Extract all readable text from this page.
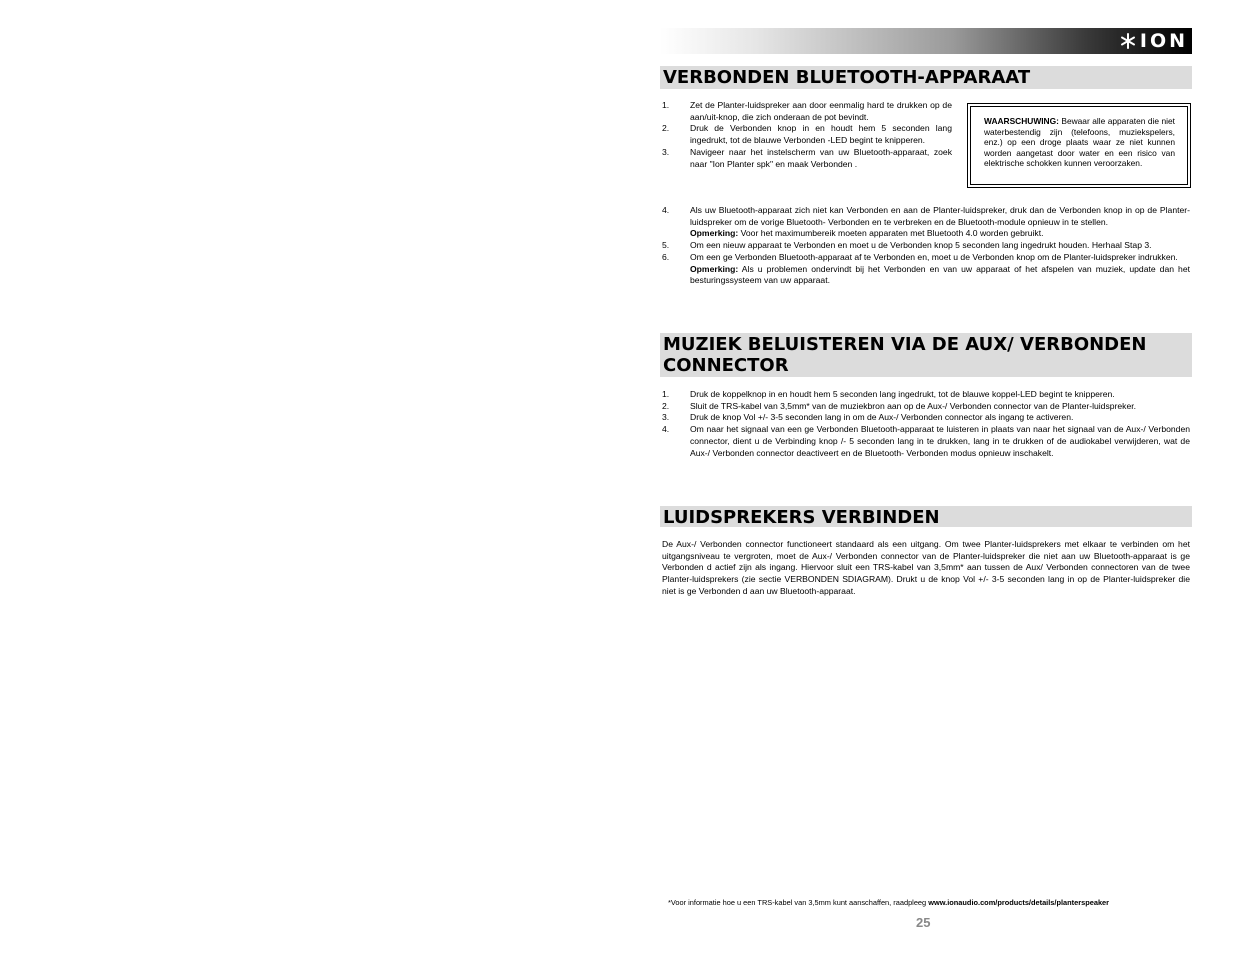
ION
VERBONDEN BLUETOOTH-APPARAAT
WAARSCHUWING: Bewaar alle apparaten die niet waterbestendig zijn (telefoons, muziekspelers, enz.) op een droge plaats waar ze niet kunnen worden aangetast door water en een risico van elektrische schokken kunnen veroorzaken.
1. Zet de Planter-luidspreker aan door eenmalig hard te drukken op de aan/uit-knop, die zich onderaan de pot bevindt.
2. Druk de Verbonden knop in en houdt hem 5 seconden lang ingedrukt, tot de blauwe Verbonden -LED begint te knipperen.
3. Navigeer naar het instelscherm van uw Bluetooth-apparaat, zoek naar "Ion Planter spk" en maak Verbonden .
4. Als uw Bluetooth-apparaat zich niet kan Verbonden en aan de Planter-luidspreker, druk dan de Verbonden knop in op de Planter-luidspreker om de vorige Bluetooth- Verbonden en te verbreken en de Bluetooth-module opnieuw in te stellen.
Opmerking: Voor het maximumbereik moeten apparaten met Bluetooth 4.0 worden gebruikt.
5. Om een nieuw apparaat te Verbonden en moet u de Verbonden knop 5 seconden lang ingedrukt houden. Herhaal Stap 3.
6. Om een ge Verbonden Bluetooth-apparaat af te Verbonden en, moet u de Verbonden knop om de Planter-luidspreker indrukken.
Opmerking: Als u problemen ondervindt bij het Verbonden en van uw apparaat of het afspelen van muziek, update dan het besturingssysteem van uw apparaat.
MUZIEK BELUISTEREN VIA DE AUX/ VERBONDEN CONNECTOR
1. Druk de koppelknop in en houdt hem 5 seconden lang ingedrukt, tot de blauwe koppel-LED begint te knipperen.
2. Sluit de TRS-kabel van 3,5mm* van de muziekbron aan op de Aux-/ Verbonden connector van de Planter-luidspreker.
3. Druk de knop Vol +/- 3-5 seconden lang in om de Aux-/ Verbonden connector als ingang te activeren.
4. Om naar het signaal van een ge Verbonden Bluetooth-apparaat te luisteren in plaats van naar het signaal van de Aux-/ Verbonden connector, dient u de Verbinding knop /- 5 seconden lang in te drukken, lang in te drukken of de audiokabel verwijderen, wat de Aux-/ Verbonden connector deactiveert en de Bluetooth- Verbonden modus opnieuw inschakelt.
LUIDSPREKERS VERBINDEN
De Aux-/ Verbonden connector functioneert standaard als een uitgang. Om twee Planter-luidsprekers met elkaar te verbinden om het uitgangsniveau te vergroten, moet de Aux-/ Verbonden connector van de Planter-luidspreker die niet aan uw Bluetooth-apparaat is ge Verbonden d actief zijn als ingang. Hiervoor sluit een TRS-kabel van 3,5mm* aan tussen de Aux/ Verbonden connectoren van de twee Planter-luidsprekers (zie sectie VERBONDEN SDIAGRAM). Drukt u de knop Vol +/- 3-5 seconden lang in op de Planter-luidspreker die niet is ge Verbonden d aan uw Bluetooth-apparaat.
*Voor informatie hoe u een TRS-kabel van 3,5mm kunt aanschaffen, raadpleeg www.ionaudio.com/products/details/planterspeaker
25
